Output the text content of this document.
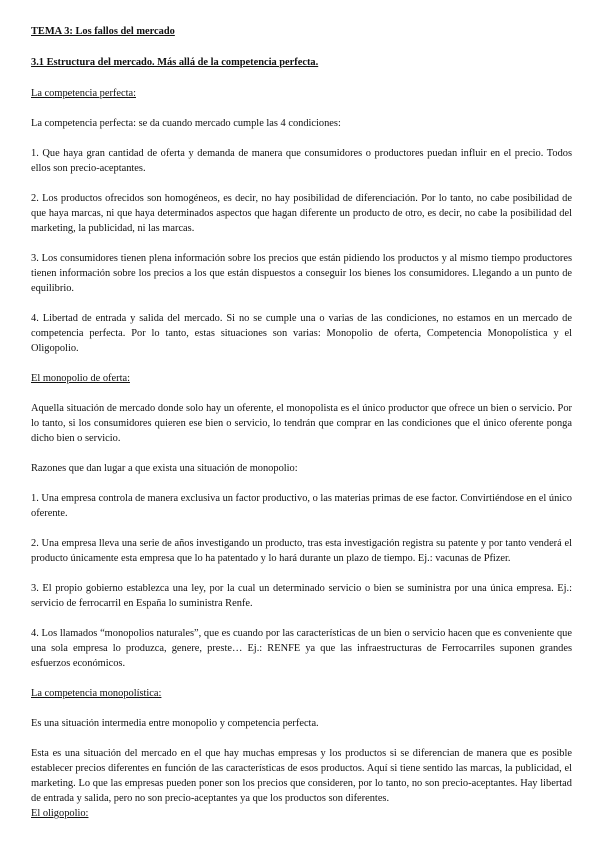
TEMA 3: Los fallos del mercado

3.1 Estructura del mercado. Más allá de la competencia perfecta.

La competencia perfecta:

La competencia perfecta: se da cuando mercado cumple las 4 condiciones:

1. Que haya gran cantidad de oferta y demanda de manera que consumidores o productores puedan influir en el precio. Todos ellos son precio-aceptantes.

2. Los productos ofrecidos son homogéneos, es decir, no hay posibilidad de diferenciación. Por lo tanto, no cabe posibilidad de que haya marcas, ni que haya determinados aspectos que hagan diferente un producto de otro, es decir, no cabe la posibilidad del marketing, la publicidad, ni las marcas.

3. Los consumidores tienen plena información sobre los precios que están pidiendo los productos y al mismo tiempo productores tienen información sobre los precios a los que están dispuestos a conseguir los bienes los consumidores. Llegando a un punto de equilibrio.

4. Libertad de entrada y salida del mercado. Si no se cumple una o varias de las condiciones, no estamos en un mercado de competencia perfecta. Por lo tanto, estas situaciones son varias: Monopolio de oferta, Competencia Monopolística y el Oligopolio.

El monopolio de oferta:

Aquella situación de mercado donde solo hay un oferente, el monopolista es el único productor que ofrece un bien o servicio. Por lo tanto, si los consumidores quieren ese bien o servicio, lo tendrán que comprar en las condiciones que el único oferente ponga dicho bien o servicio.

Razones que dan lugar a que exista una situación de monopolio:

1. Una empresa controla de manera exclusiva un factor productivo, o las materias primas de ese factor. Convirtiéndose en el único oferente.

2. Una empresa lleva una serie de años investigando un producto, tras esta investigación registra su patente y por tanto venderá el producto únicamente esta empresa que lo ha patentado y lo hará durante un plazo de tiempo. Ej.: vacunas de Pfizer.

3. El propio gobierno establezca una ley, por la cual un determinado servicio o bien se suministra por una única empresa. Ej.: servicio de ferrocarril en España lo suministra Renfe.

4. Los llamados “monopolios naturales”, que es cuando por las características de un bien o servicio hacen que es conveniente que una sola empresa lo produzca, genere, preste… Ej.: RENFE ya que las infraestructuras de Ferrocarriles suponen grandes esfuerzos económicos.

La competencia monopolística:

Es una situación intermedia entre monopolio y competencia perfecta.

Esta es una situación del mercado en el que hay muchas empresas y los productos si se diferencian de manera que es posible establecer precios diferentes en función de las características de esos productos. Aquí si tiene sentido las marcas, la publicidad, el marketing. Lo que las empresas pueden poner son los precios que consideren, por lo tanto, no son precio-aceptantes. Hay libertad de entrada y salida, pero no son precio-aceptantes ya que los productos son diferentes.

El oligopolio:
